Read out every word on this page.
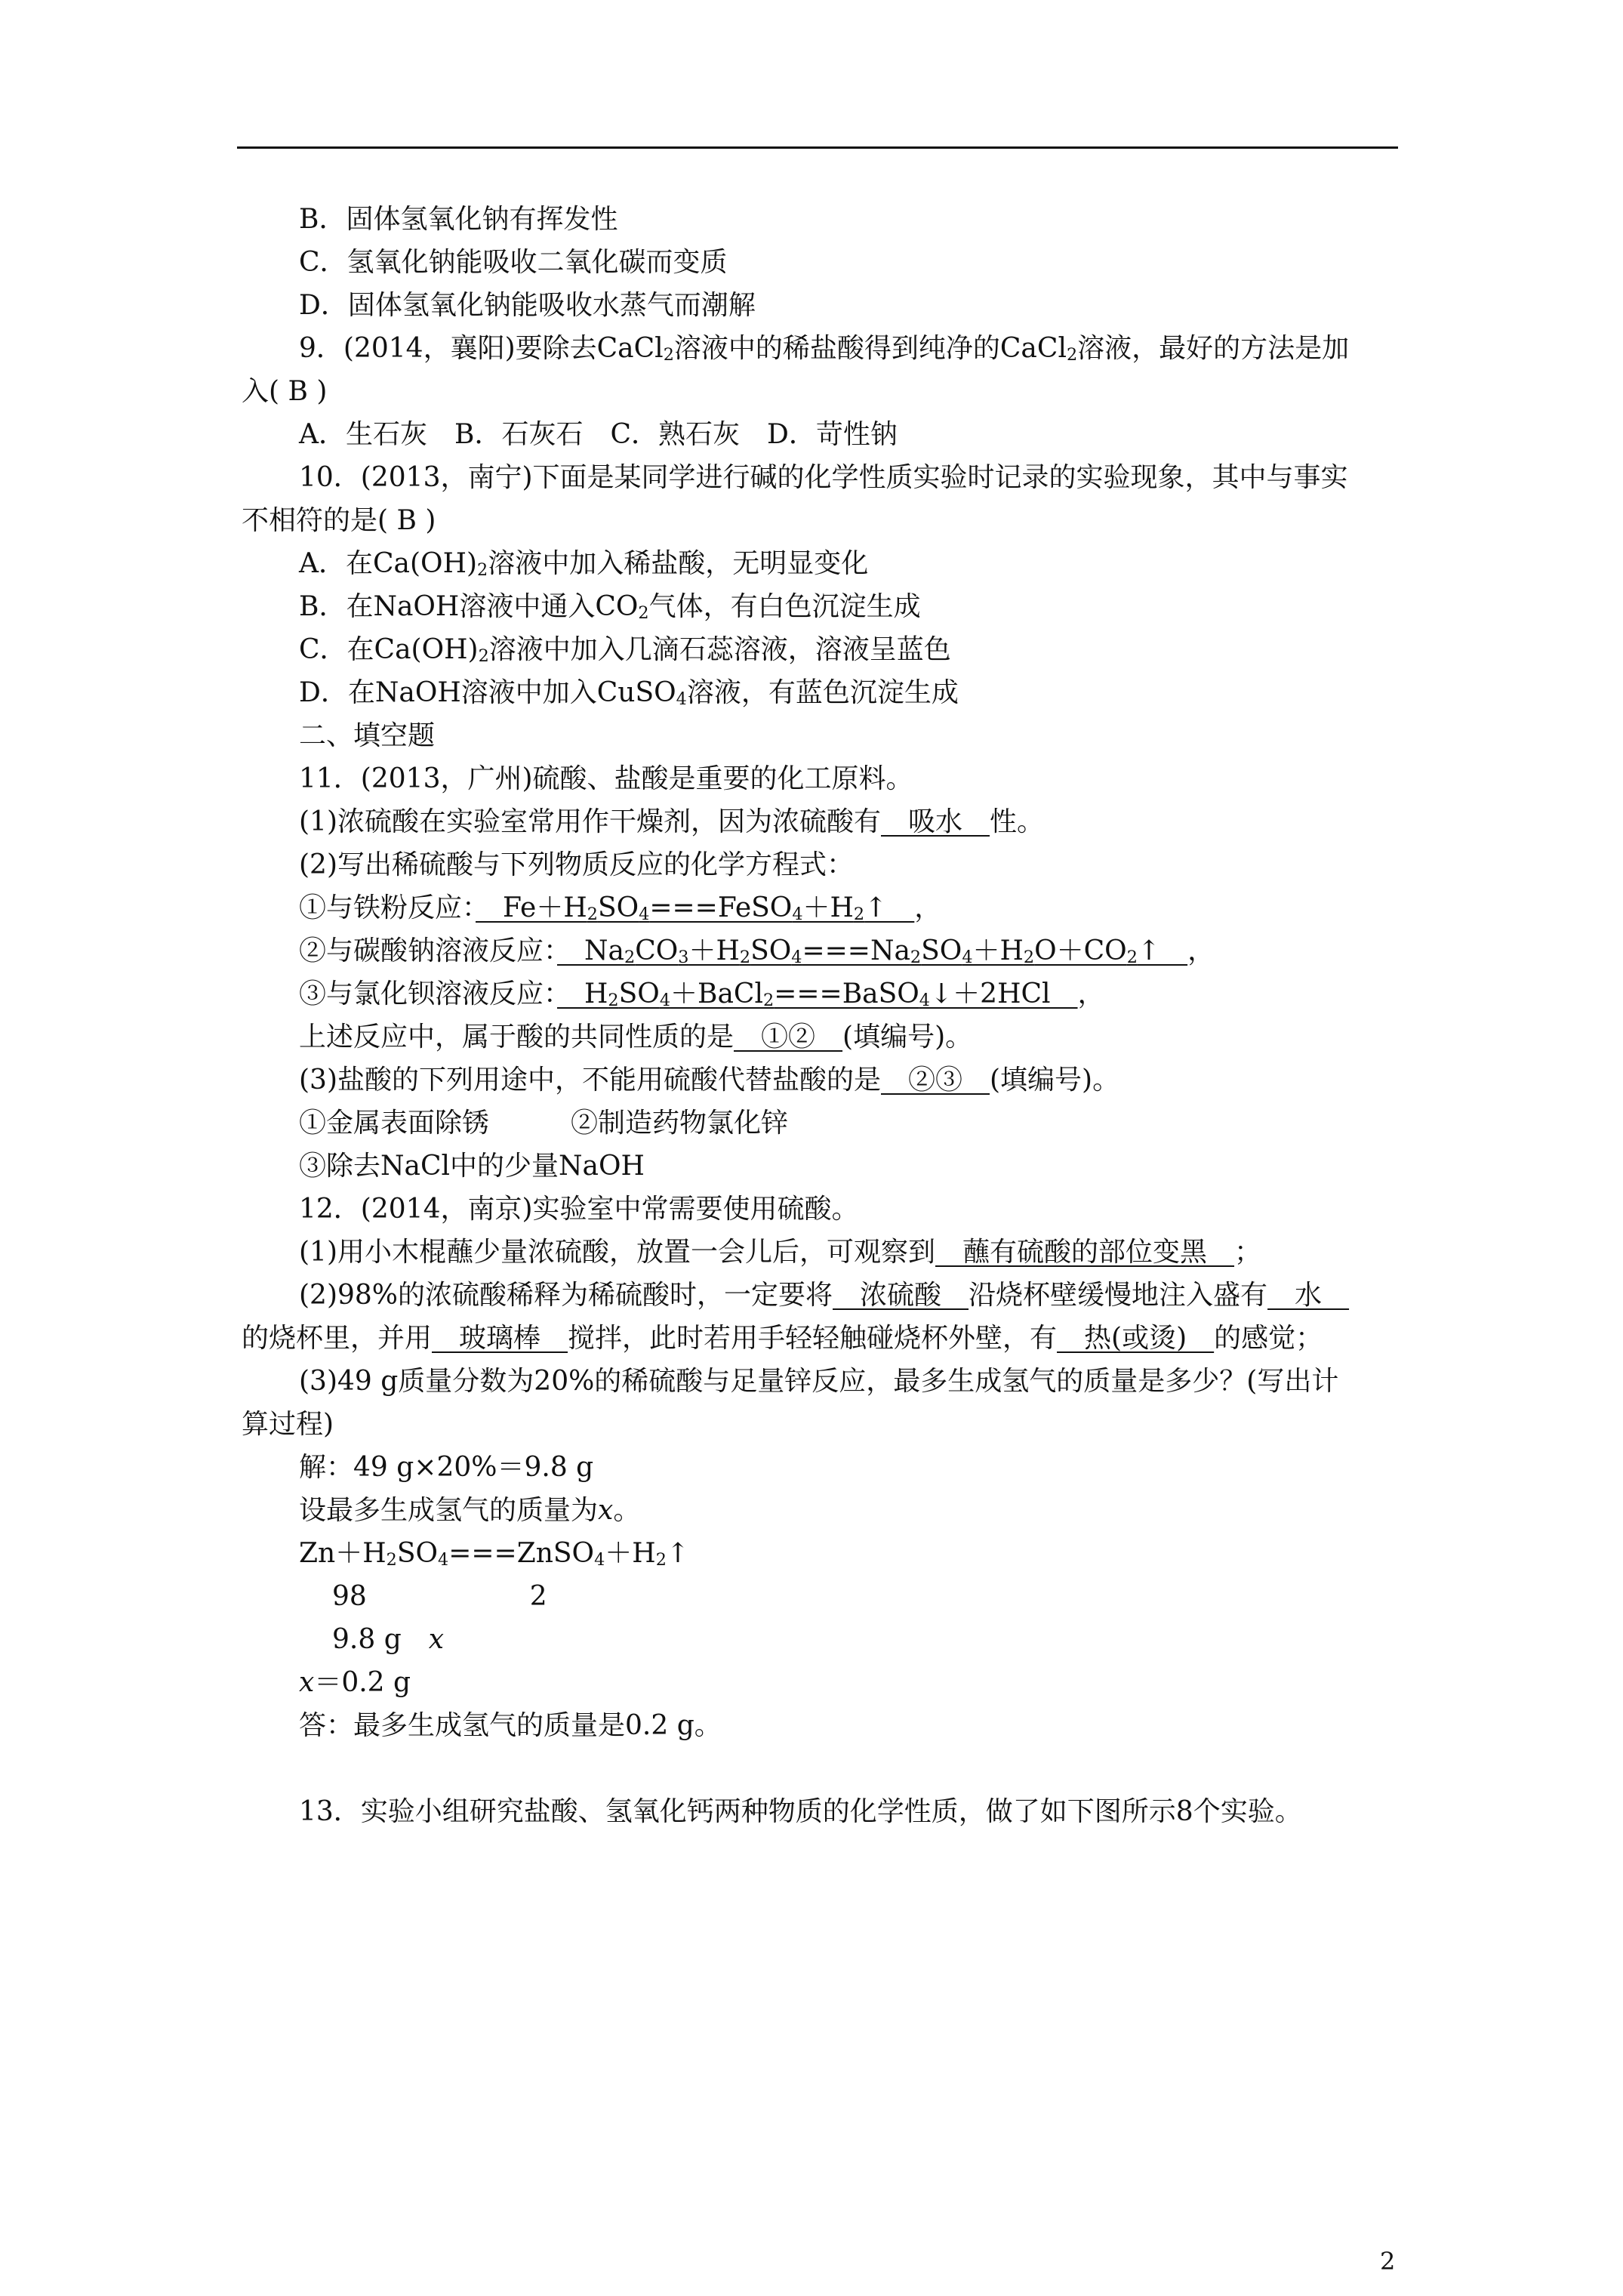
B．固体氢氧化钠有挥发性
C．氢氧化钠能吸收二氧化碳而变质
D．固体氢氧化钠能吸收水蒸气而潮解
9．(2014，襄阳)要除去CaCl$_2$溶液中的稀盐酸得到纯净的CaCl$_2$溶液，最好的方法是加
入( B )
A．生石灰　B．石灰石　C．熟石灰　D．苛性钠
10．(2013，南宁)下面是某同学进行碱的化学性质实验时记录的实验现象，其中与事实
不相符的是( B )
A．在$Ca(OH)_2$溶液中加入稀盐酸，无明显变化
B．在NaOH溶液中通入$CO_2$气体，有白色沉淀生成
C．在$Ca(OH)_2$溶液中加入几滴石蕊溶液，溶液呈蓝色
D．在NaOH溶液中加入CuSO$_4$溶液，有蓝色沉淀生成
二、填空题
11．(2013，广州)硫酸、盐酸是重要的化工原料。
(1)浓硫酸在实验室常用作干燥剂，因为浓硫酸有　吸水　性。
(2)写出稀硫酸与下列物质反应的化学方程式：
①与铁粉反应：　$Fe+H_2SO_4===FeSO_4+H_2↑$　，
②与碳酸钠溶液反应：　$Na_2CO_3+H_2SO_4===Na_2SO_4+H_2O+CO_2↑$　，
③与氯化钡溶液反应：　$H_2SO_4+BaCl_2===BaSO_4↓+2HCl$　，
上述反应中，属于酸的共同性质的是　①②　(填编号)。
(3)盐酸的下列用途中，不能用硫酸代替盐酸的是　②③　(填编号)。
①金属表面除锈　　　②制造药物氯化锌
③除去NaCl中的少量NaOH
12．(2014，南京)实验室中常需要使用硫酸。
(1)用小木棍蘸少量浓硫酸，放置一会儿后，可观察到　蘸有硫酸的部位变黑　；
(2)98%的浓硫酸稀释为稀硫酸时，一定要将　浓硫酸　沿烧杯壁缓慢地注入盛有　水　
的烧杯里，并用　玻璃棒　搅拌，此时若用手轻轻触碰烧杯外壁，有　热(或烫)　的感觉；
(3)49 g质量分数为20%的稀硫酸与足量锌反应，最多生成氢气的质量是多少？(写出计
算过程)
解：49 g×20%＝9.8 g
设最多生成氢气的质量为x。
$Zn+H_2SO_4===ZnSO_4+H_2↑$
98　　　　　　2
9.8 g　x
x＝0.2 g
答：最多生成氢气的质量是0.2 g。
13．实验小组研究盐酸、氢氧化钙两种物质的化学性质，做了如下图所示8个实验。
2
